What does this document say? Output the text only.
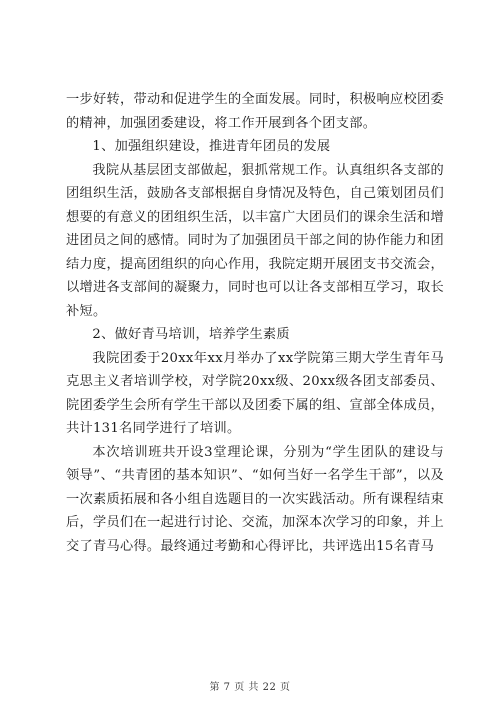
一步好转，带动和促进学生的全面发展。同时，积极响应校团委的精神，加强团委建设，将工作开展到各个团支部。

1、加强组织建设，推进青年团员的发展

我院从基层团支部做起，狠抓常规工作。认真组织各支部的团组织生活，鼓励各支部根据自身情况及特色，自己策划团员们想要的有意义的团组织生活，以丰富广大团员们的课余生活和增进团员之间的感情。同时为了加强团员干部之间的协作能力和团结力度，提高团组织的向心作用，我院定期开展团支书交流会，以增进各支部间的凝聚力，同时也可以让各支部相互学习，取长补短。

2、做好青马培训，培养学生素质

我院团委于20xx年xx月举办了xx学院第三期大学生青年马克思主义者培训学校，对学院20xx级、20xx级各团支部委员、院团委学生会所有学生干部以及团委下属的组、宣部全体成员，共计131名同学进行了培训。

本次培训班共开设3堂理论课，分别为“学生团队的建设与领导”、“共青团的基本知识”、“如何当好一名学生干部”，以及一次素质拓展和各小组自选题目的一次实践活动。所有课程结束后，学员们在一起进行讨论、交流，加深本次学习的印象，并上交了青马心得。最终通过考勤和心得评比，共评选出15名青马

第 7 页 共 22 页
